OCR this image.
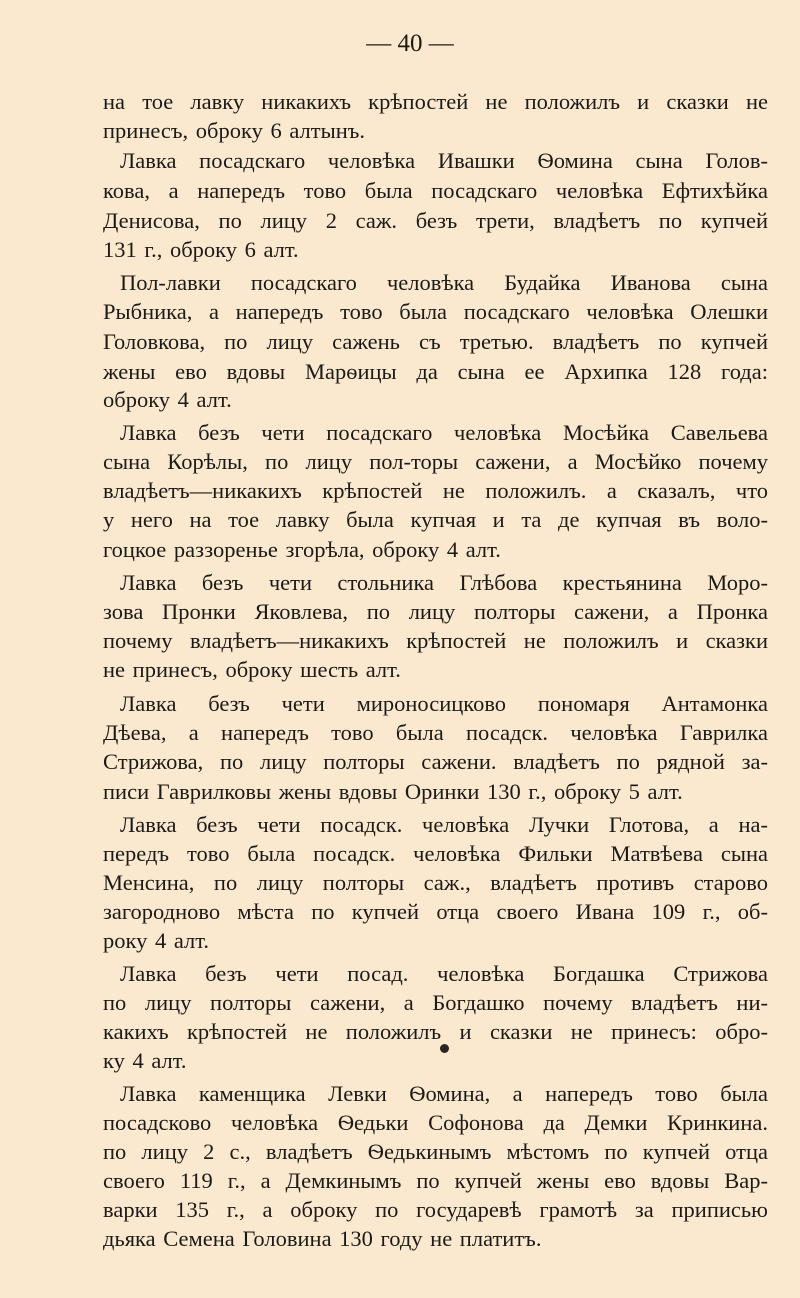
— 40 —
на тое лавку никакихъ крѣпостей не положилъ и сказки не
принесъ, оброку 6 алтынъ.
Лавка посадскаго человѣка Ивашки Ѳомина сына Голов-
кова, а напередъ тово была посадскаго человѣка Ефтихѣйка
Денисова, по лицу 2 саж. безъ трети, владѣетъ по купчей
131 г., оброку 6 алт.
Пол-лавки посадскаго человѣка Будайка Иванова сына
Рыбника, а напередъ тово была посадскаго человѣка Олешки
Головкова, по лицу сажень съ третью. владѣетъ по купчей
жены ево вдовы Марѳицы да сына ее Архипка 128 года:
оброку 4 алт.
Лавка безъ чети посадскаго человѣка Мосѣйка Савельева
сына Корѣлы, по лицу пол-торы сажени, а Мосѣйко почему
владѣетъ—никакихъ крѣпостей не положилъ. а сказалъ, что
у него на тое лавку была купчая и та де купчая въ воло-
гоцкое раззоренье згорѣла, оброку 4 алт.
Лавка безъ чети стольника Глѣбова крестьянина Моро-
зова Пронки Яковлева, по лицу полторы сажени, а Пронка
почему владѣетъ—никакихъ крѣпостей не положилъ и сказки
не принесъ, оброку шесть алт.
Лавка безъ чети мироносицково пономаря Антамонка
Дѣева, а напередъ тово была посадск. человѣка Гаврилка
Стрижова, по лицу полторы сажени. владѣетъ по рядной за-
писи Гаврилковы жены вдовы Оринки 130 г., оброку 5 алт.
Лавка безъ чети посадск. человѣка Лучки Глотова, а на-
передъ тово была посадск. человѣка Фильки Матвѣева сына
Менсина, по лицу полторы саж., владѣетъ противъ старово
загородново мѣста по купчей отца своего Ивана 109 г., об-
року 4 алт.
Лавка безъ чети посад. человѣка Богдашка Стрижова
по лицу полторы сажени, а Богдашко почему владѣетъ ни-
какихъ крѣпостей не положилъ и сказки не принесъ: обро-
ку 4 алт.
Лавка каменщика Левки Ѳомина, а напередъ тово была
посадсково человѣка Ѳедьки Софонова да Демки Кринкина.
по лицу 2 с., владѣетъ Ѳедькинымъ мѣстомъ по купчей отца
своего 119 г., а Демкинымъ по купчей жены ево вдовы Вар-
варки 135 г., а оброку по государевѣ грамотѣ за приписью
дьяка Семена Головина 130 году не платитъ.
